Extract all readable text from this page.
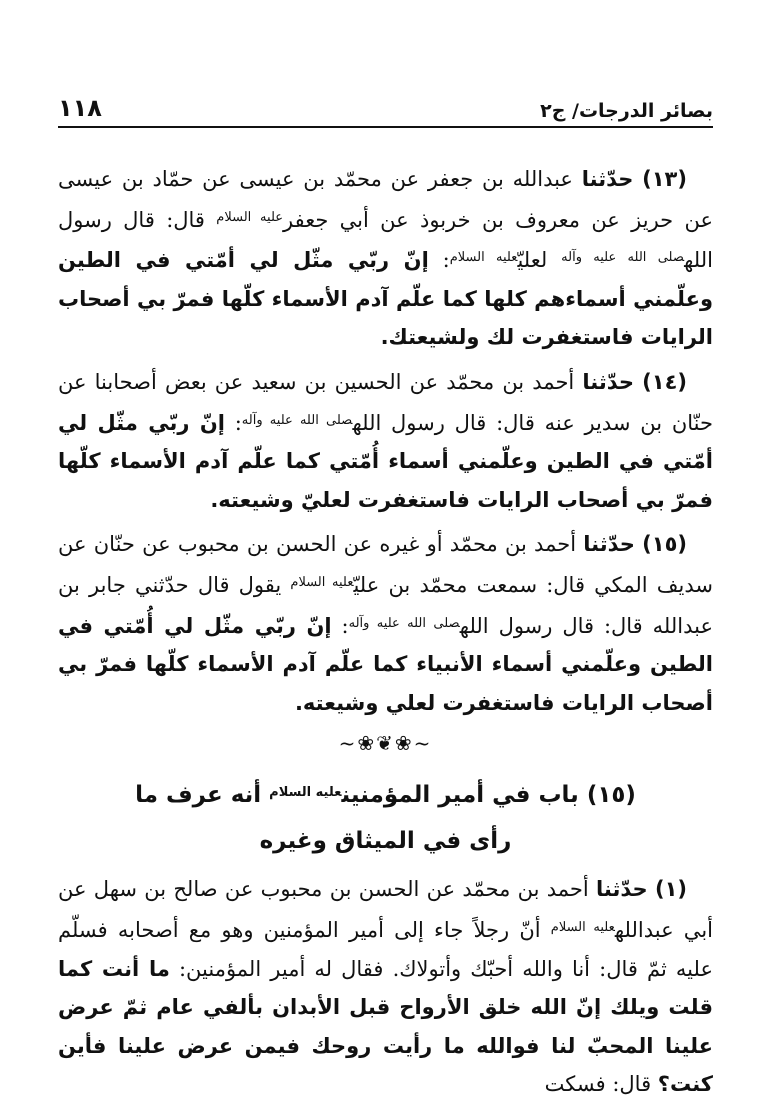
١١٨	بصائر الدرجات/ ج٢

(١٣) حدّثنا عبدالله بن جعفر عن محمّد بن عيسى عن حمّاد بن عيسى عن حريز عن معروف بن خربوذ عن أبي جعفر$^{عليه السلام}$ قال: قال رسول الله$^{صلى الله عليه وآله}$ لعليّ$^{عليه السلام}$: إنّ ربّي مثّل لي أمّتي في الطين وعلّمني أسماءهم كلها كما علّم آدم الأسماء كلّها فمرّ بي أصحاب الرايات فاستغفرت لك ولشيعتك.

(١٤) حدّثنا أحمد بن محمّد عن الحسين بن سعيد عن بعض أصحابنا عن حنّان بن سدير عنه قال: قال رسول الله$^{صلى الله عليه وآله}$: إنّ ربّي مثّل لي أمّتي في الطين وعلّمني أسماء أُمّتي كما علّم آدم الأسماء كلّها فمرّ بي أصحاب الرايات فاستغفرت لعليّ وشيعته.

(١٥) حدّثنا أحمد بن محمّد أو غيره عن الحسن بن محبوب عن حنّان عن سديف المكي قال: سمعت محمّد بن عليّ$^{عليه السلام}$ يقول قال حدّثني جابر بن عبدالله قال: قال رسول الله$^{صلى الله عليه وآله}$: إنّ ربّي مثّل لي أُمّتي في الطين وعلّمني أسماء الأنبياء كما علّم آدم الأسماء كلّها فمرّ بي أصحاب الرايات فاستغفرت لعلي وشيعته.

~❀❦❀~
(١٥) باب في أمير المؤمنين$^{عليه السلام}$ أنه عرف ما
رأى في الميثاق وغيره

(١) حدّثنا أحمد بن محمّد عن الحسن بن محبوب عن صالح بن سهل عن أبي عبدالله$^{عليه السلام}$ أنّ رجلاً جاء إلى أمير المؤمنين وهو مع أصحابه فسلّم عليه ثمّ قال: أنا والله أحبّك وأتولاك. فقال له أمير المؤمنين: ما أنت كما قلت ويلك إنّ الله خلق الأرواح قبل الأبدان بألفي عام ثمّ عرض علينا المحبّ لنا فوالله ما رأيت روحك فيمن عرض علينا فأين كنت؟ قال: فسكت
